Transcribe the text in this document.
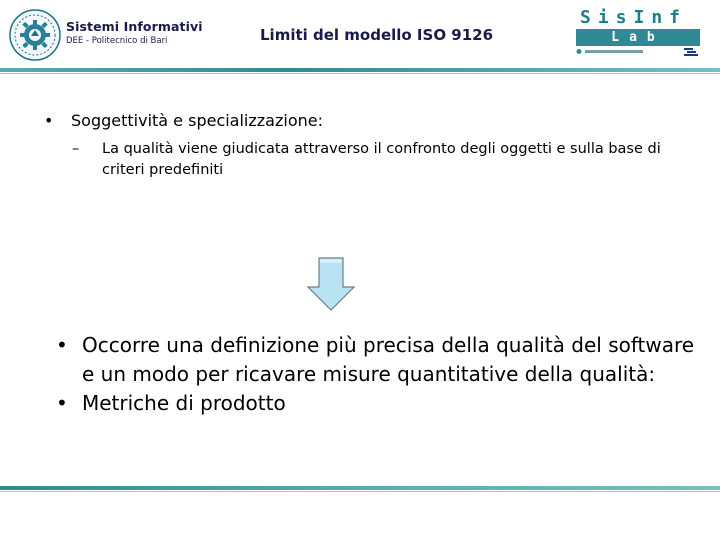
Sistemi Informativi
DEE - Politecnico di Bari	Limiti del modello ISO 9126
SisInf
Lab
• Soggettività e specializzazione:
– La qualità viene giudicata attraverso il confronto degli oggetti e sulla base di criteri predefiniti
• Occorre una definizione più precisa della qualità del software e un modo per ricavare misure quantitative della qualità:
• Metriche di prodotto
